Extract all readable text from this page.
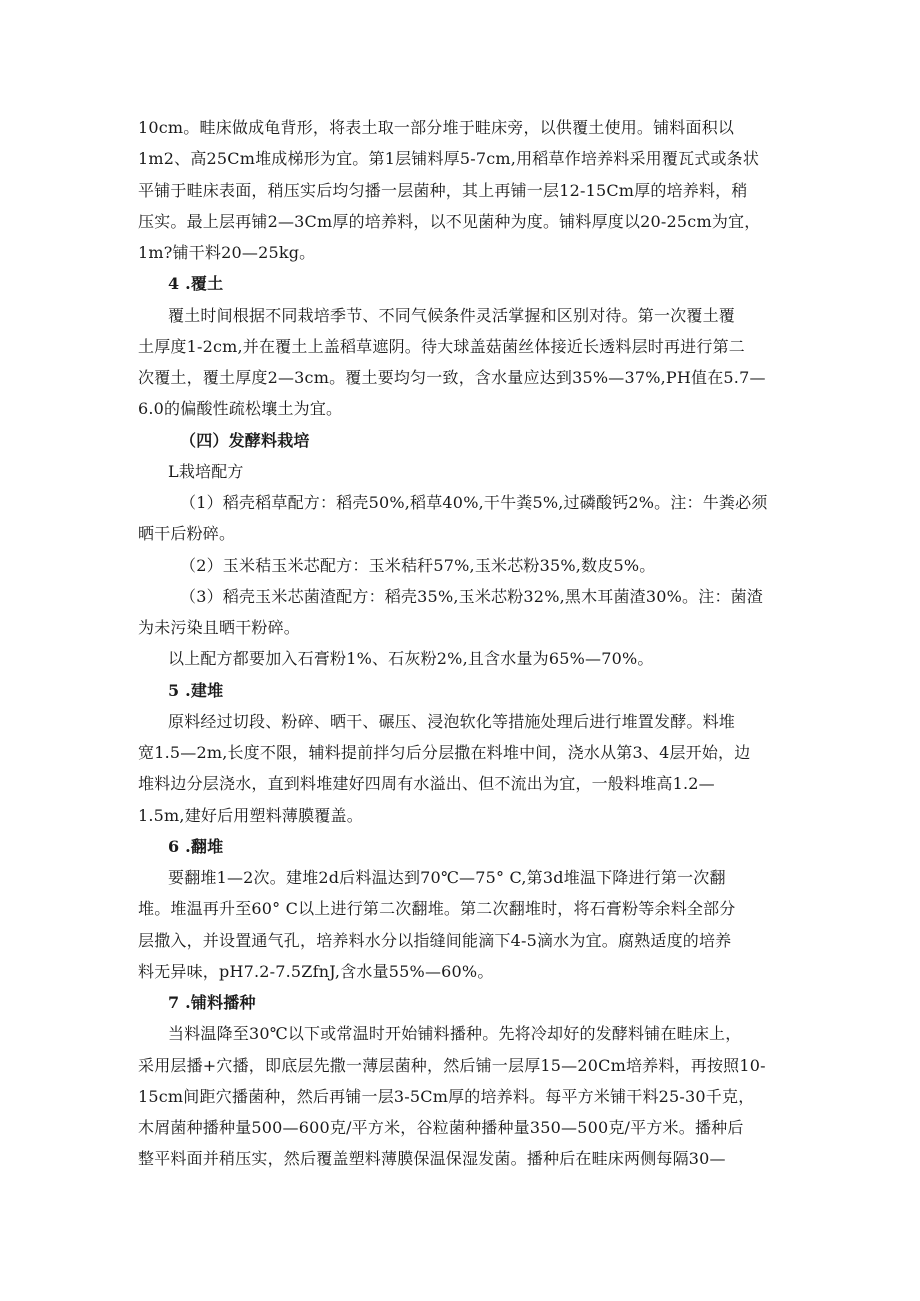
10cm。畦床做成龟背形，将表土取一部分堆于畦床旁，以供覆土使用。铺料面积以
1m2、高25Cm堆成梯形为宜。第1层铺料厚5-7cm,用稻草作培养料采用覆瓦式或条状
平铺于畦床表面，稍压实后均匀播一层菌种，其上再铺一层12-15Cm厚的培养料，稍
压实。最上层再铺2—3Cm厚的培养料，以不见菌种为度。铺料厚度以20-25cm为宜，
1m?铺干料20—25kg。
4 .覆土
覆土时间根据不同栽培季节、不同气候条件灵活掌握和区别对待。第一次覆土覆
土厚度1-2cm,并在覆土上盖稻草遮阴。待大球盖菇菌丝体接近长透料层时再进行第二
次覆土，覆土厚度2—3cm。覆土要均匀一致，含水量应达到35%—37%,PH值在5.7—
6.0的偏酸性疏松壤土为宜。
（四）发酵料栽培
L栽培配方
（1）稻壳稻草配方：稻壳50%,稻草40%,干牛粪5%,过磷酸钙2%。注：牛粪必须
晒干后粉碎。
（2）玉米秸玉米芯配方：玉米秸秆57%,玉米芯粉35%,数皮5%。
（3）稻壳玉米芯菌渣配方：稻壳35%,玉米芯粉32%,黑木耳菌渣30%。注：菌渣
为未污染且晒干粉碎。
以上配方都要加入石膏粉1%、石灰粉2%,且含水量为65%—70%。
5 .建堆
原料经过切段、粉碎、晒干、碾压、浸泡软化等措施处理后进行堆置发酵。料堆
宽1.5—2m,长度不限，辅料提前拌匀后分层撒在料堆中间，浇水从第3、4层开始，边
堆料边分层浇水，直到料堆建好四周有水溢出、但不流出为宜，一般料堆高1.2—
1.5m,建好后用塑料薄膜覆盖。
6 .翻堆
要翻堆1—2次。建堆2d后料温达到70℃—75° C,第3d堆温下降进行第一次翻
堆。堆温再升至60° C以上进行第二次翻堆。第二次翻堆时，将石膏粉等余料全部分
层撒入，并设置通气孔，培养料水分以指缝间能滴下4-5滴水为宜。腐熟适度的培养
料无异味，pH7.2-7.5ZfnJ,含水量55%—60%。
7 .铺料播种
当料温降至30℃以下或常温时开始铺料播种。先将冷却好的发酵料铺在畦床上，
采用层播+穴播，即底层先撒一薄层菌种，然后铺一层厚15—20Cm培养料，再按照10-
15cm间距穴播菌种，然后再铺一层3-5Cm厚的培养料。每平方米铺干料25-30千克，
木屑菌种播种量500—600克/平方米，谷粒菌种播种量350—500克/平方米。播种后
整平料面并稍压实，然后覆盖塑料薄膜保温保湿发菌。播种后在畦床两侧每隔30—
